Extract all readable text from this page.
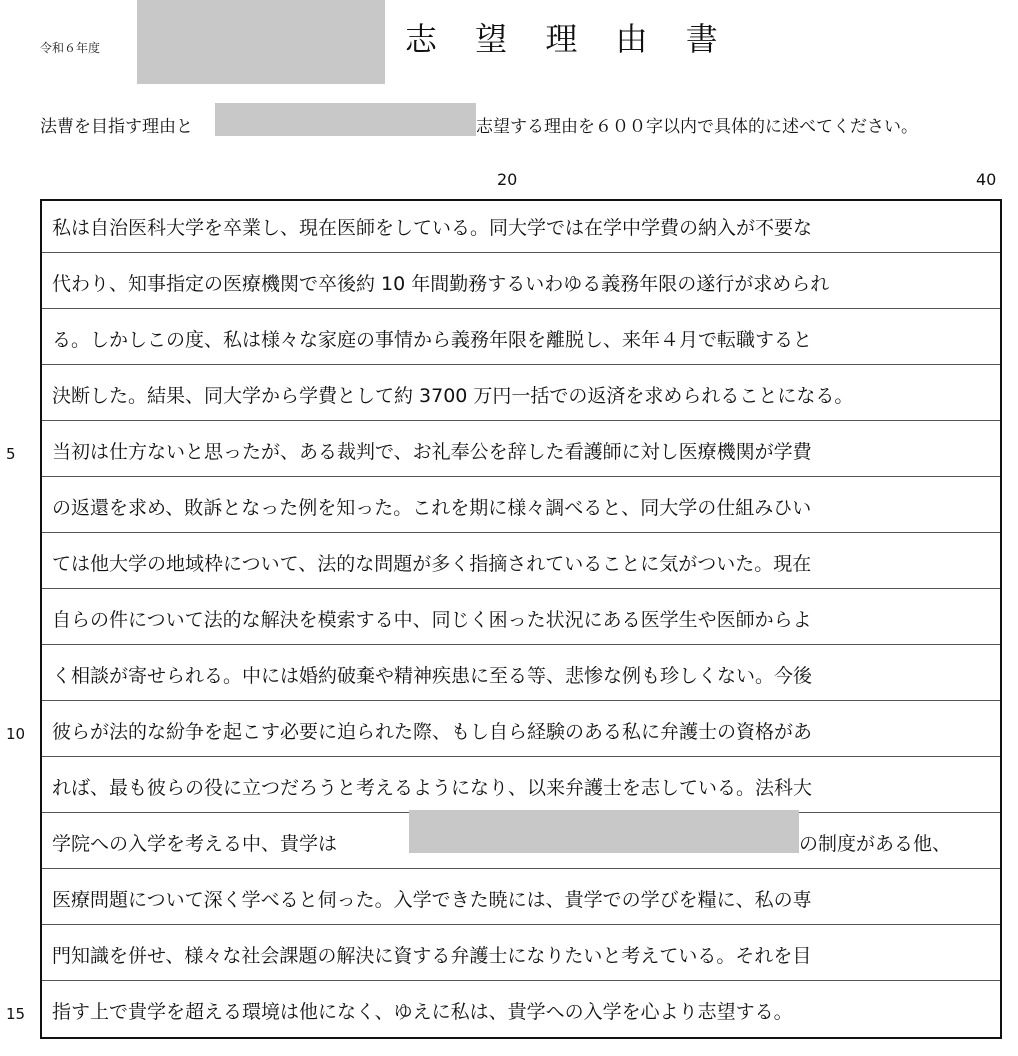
令和６年度	志 望 理 由 書
法曹を目指す理由と	志望する理由を６００字以内で具体的に述べてください。
20	40
私は自治医科大学を卒業し、現在医師をしている。同大学では在学中学費の納入が不要な
代わり、知事指定の医療機関で卒後約 10 年間勤務するいわゆる義務年限の遂行が求められ
る。しかしこの度、私は様々な家庭の事情から義務年限を離脱し、来年４月で転職すると
決断した。結果、同大学から学費として約 3700 万円一括での返済を求められることになる。
当初は仕方ないと思ったが、ある裁判で、お礼奉公を辞した看護師に対し医療機関が学費
の返還を求め、敗訴となった例を知った。これを期に様々調べると、同大学の仕組みひい
ては他大学の地域枠について、法的な問題が多く指摘されていることに気がついた。現在
自らの件について法的な解決を模索する中、同じく困った状況にある医学生や医師からよ
く相談が寄せられる。中には婚約破棄や精神疾患に至る等、悲惨な例も珍しくない。今後
彼らが法的な紛争を起こす必要に迫られた際、もし自ら経験のある私に弁護士の資格があ
れば、最も彼らの役に立つだろうと考えるようになり、以来弁護士を志している。法科大
学院への入学を考える中、貴学は	の制度がある他、
医療問題について深く学べると伺った。入学できた暁には、貴学での学びを糧に、私の専
門知識を併せ、様々な社会課題の解決に資する弁護士になりたいと考えている。それを目
指す上で貴学を超える環境は他になく、ゆえに私は、貴学への入学を心より志望する。
5
10
15
